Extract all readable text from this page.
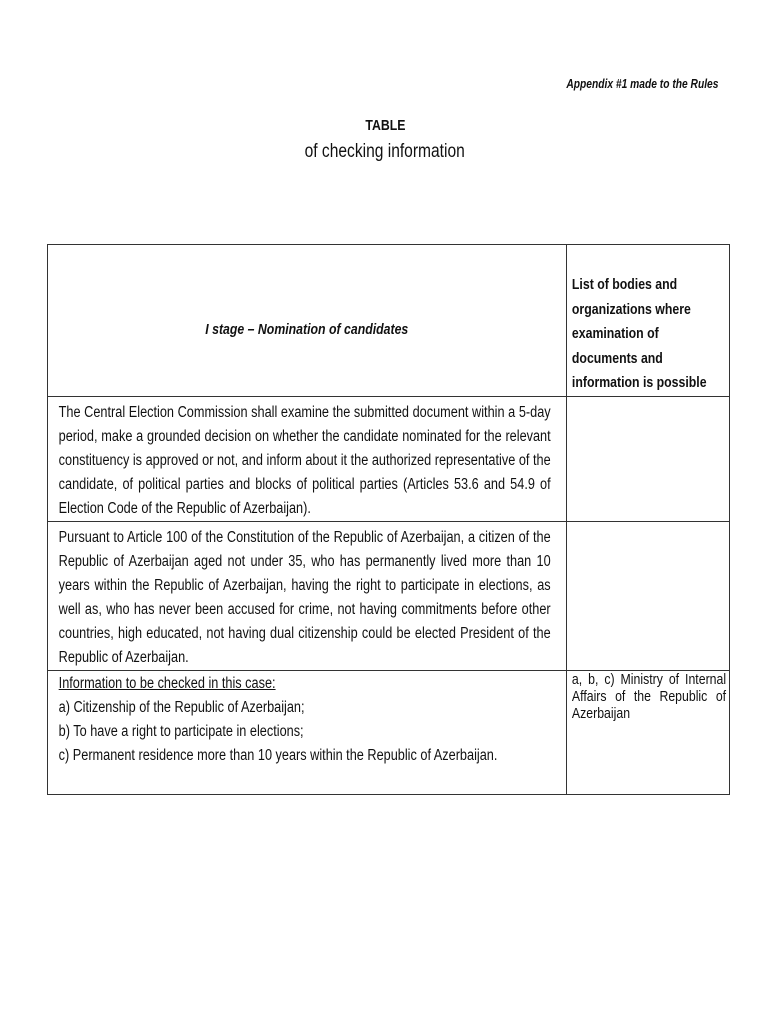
Appendix #1 made to the Rules
TABLE
of checking information
I stage – Nomination of candidates	List of bodies and organizations where examination of documents and information is possible

The Central Election Commission shall examine the submitted document within a 5-day period, make a grounded decision on whether the candidate nominated for the relevant constituency is approved or not, and inform about it the authorized representative of the candidate, of political parties and blocks of political parties (Articles 53.6 and 54.9 of Election Code of the Republic of Azerbaijan).	

Pursuant to Article 100 of the Constitution of the Republic of Azerbaijan, a citizen of the Republic of Azerbaijan aged not under 35, who has permanently lived more than 10 years within the Republic of Azerbaijan, having the right to participate in elections, as well as, who has never been accused for crime, not having commitments before other countries, high educated, not having dual citizenship could be elected President of the Republic of Azerbaijan.	

Information to be checked in this case:
a) Citizenship of the Republic of Azerbaijan;
b) To have a right to participate in elections;
c) Permanent residence more than 10 years within the Republic of Azerbaijan.	a, b, c) Ministry of Internal Affairs of the Republic of Azerbaijan
